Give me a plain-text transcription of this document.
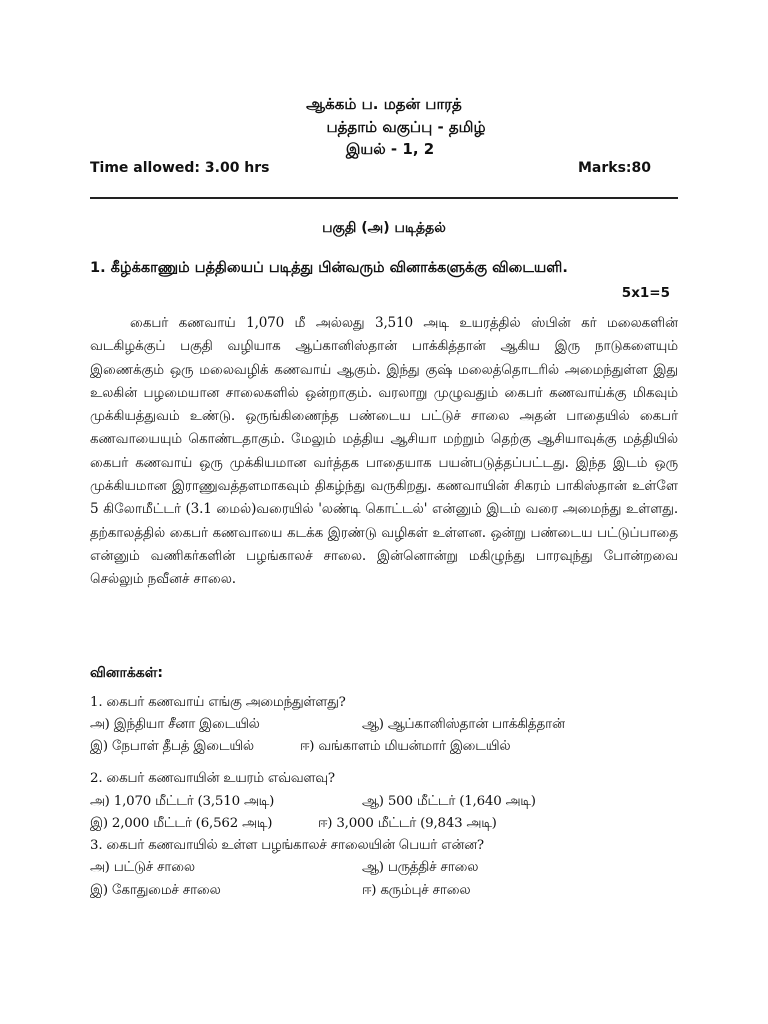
ஆக்கம் ப. மதன் பாரத்
பத்தாம் வகுப்பு - தமிழ்
இயல் - 1, 2
Time allowed: 3.00 hrs	Marks:80
பகுதி (அ) படித்தல்
1. கீழ்க்காணும் பத்தியைப் படித்து பின்வரும் வினாக்களுக்கு விடையளி.
5x1=5

கைபர் கணவாய் 1,070 மீ அல்லது 3,510 அடி உயரத்தில் ஸ்பின் கர் மலைகளின் வடகிழக்குப் பகுதி வழியாக ஆப்கானிஸ்தான் பாக்கித்தான் ஆகிய இரு நாடுகளையும் இணைக்கும் ஒரு மலைவழிக் கணவாய் ஆகும். இந்து குஷ் மலைத்தொடரில் அமைந்துள்ள இது உலகின் பழமையான சாலைகளில் ஒன்றாகும். வரலாறு முழுவதும் கைபர் கணவாய்க்கு மிகவும் முக்கியத்துவம் உண்டு. ஒருங்கிணைந்த பண்டைய பட்டுச் சாலை அதன் பாதையில் கைபர் கணவாயையும் கொண்டதாகும். மேலும் மத்திய ஆசியா மற்றும் தெற்கு ஆசியாவுக்கு மத்தியில் கைபர் கணவாய் ஒரு முக்கியமான வர்த்தக பாதையாக பயன்படுத்தப்பட்டது. இந்த இடம் ஒரு முக்கியமான இராணுவத்தளமாகவும் திகழ்ந்து வருகிறது. கணவாயின் சிகரம் பாகிஸ்தான் உள்ளே 5 கிலோமீட்டர் (3.1 மைல்)வரையில் 'லண்டி கொட்டல்' என்னும் இடம் வரை அமைந்து உள்ளது. தற்காலத்தில் கைபர் கணவாயை கடக்க இரண்டு வழிகள் உள்ளன. ஒன்று பண்டைய பட்டுப்பாதை என்னும் வணிகர்களின் பழங்காலச் சாலை. இன்னொன்று மகிழுந்து பாரவுந்து போன்றவை செல்லும் நவீனச் சாலை.

வினாக்கள்:
1. கைபர் கணவாய் எங்கு அமைந்துள்ளது?
அ) இந்தியா சீனா இடையில்	ஆ) ஆப்கானிஸ்தான் பாக்கித்தான்
இ) நேபாள் தீபத் இடையில்	ஈ) வங்காளம் மியன்மார் இடையில்
2. கைபர் கணவாயின் உயரம் எவ்வளவு?
அ) 1,070 மீட்டர் (3,510 அடி)	ஆ) 500 மீட்டர் (1,640 அடி)
இ) 2,000 மீட்டர் (6,562 அடி)	ஈ) 3,000 மீட்டர் (9,843 அடி)
3. கைபர் கணவாயில் உள்ள பழங்காலச் சாலையின் பெயர் என்ன?
அ) பட்டுச் சாலை	ஆ) பருத்திச் சாலை
இ) கோதுமைச் சாலை	ஈ) கரும்புச் சாலை
